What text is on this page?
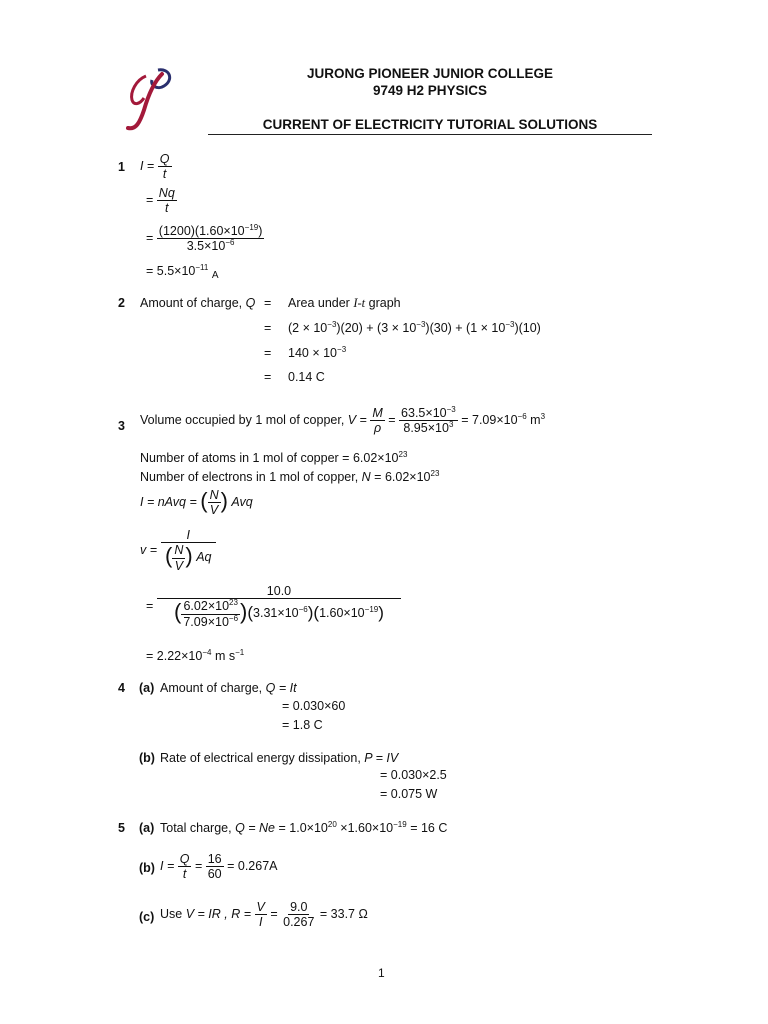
JURONG PIONEER JUNIOR COLLEGE
9749 H2 PHYSICS
CURRENT OF ELECTRICITY TUTORIAL SOLUTIONS
1 $I = \frac{Q}{t}$
= $\frac{Nq}{t}$
= $\frac{(1200)(1.60\times 10^{-19})}{3.5\times 10^{-6}}$
= $5.5\times 10^{-11}$ $_A$
2 Amount of charge, Q = Area under I-t graph
= $(2 \times 10^{-3})(20) + (3 \times 10^{-3})(30) + (1 \times 10^{-3})(10)$
= $140 \times 10^{-3}$
= 0.14 C
3 Volume occupied by 1 mol of copper, $V = \frac{M}{\rho} = \frac{63.5\times 10^{-3}}{8.95\times 10^3} = 7.09\times 10^{-6}$ $m^3$
Number of atoms in 1 mol of copper = $6.02\times 10^{23}$
Number of electrons in 1 mol of copper, $N = 6.02\times 10^{23}$
I = nAvq = ( $\frac{N}{V}$ ) Avq
$v = \frac{I}{( \frac{N}{V} ) Aq}$
=
10.0
( $\frac{6.02\times 10^{23}}{7.09\times 10^{-6}} )(3.31\times 10^{-6})(1.60\times 10^{-19})$
= $2.22\times 10^{-4}$ m $s^{-1}$
4 (a) Amount of charge, Q = It
= 0.030×60
= 1.8 C
(b) Rate of electrical energy dissipation, P = IV
= 0.030×2.5
= 0.075 W
5 (a) Total charge, $Q = Ne = 1.0\times 10^{20} \times 1.60\times 10^{-19} = 16$ C
(b) $I = \frac{Q}{t} = \frac{16}{60} = 0.267A$
(c) Use V = IR , $R = \frac{V}{I} = \frac{9.0}{0.267} = 33.7$ Ω
1
